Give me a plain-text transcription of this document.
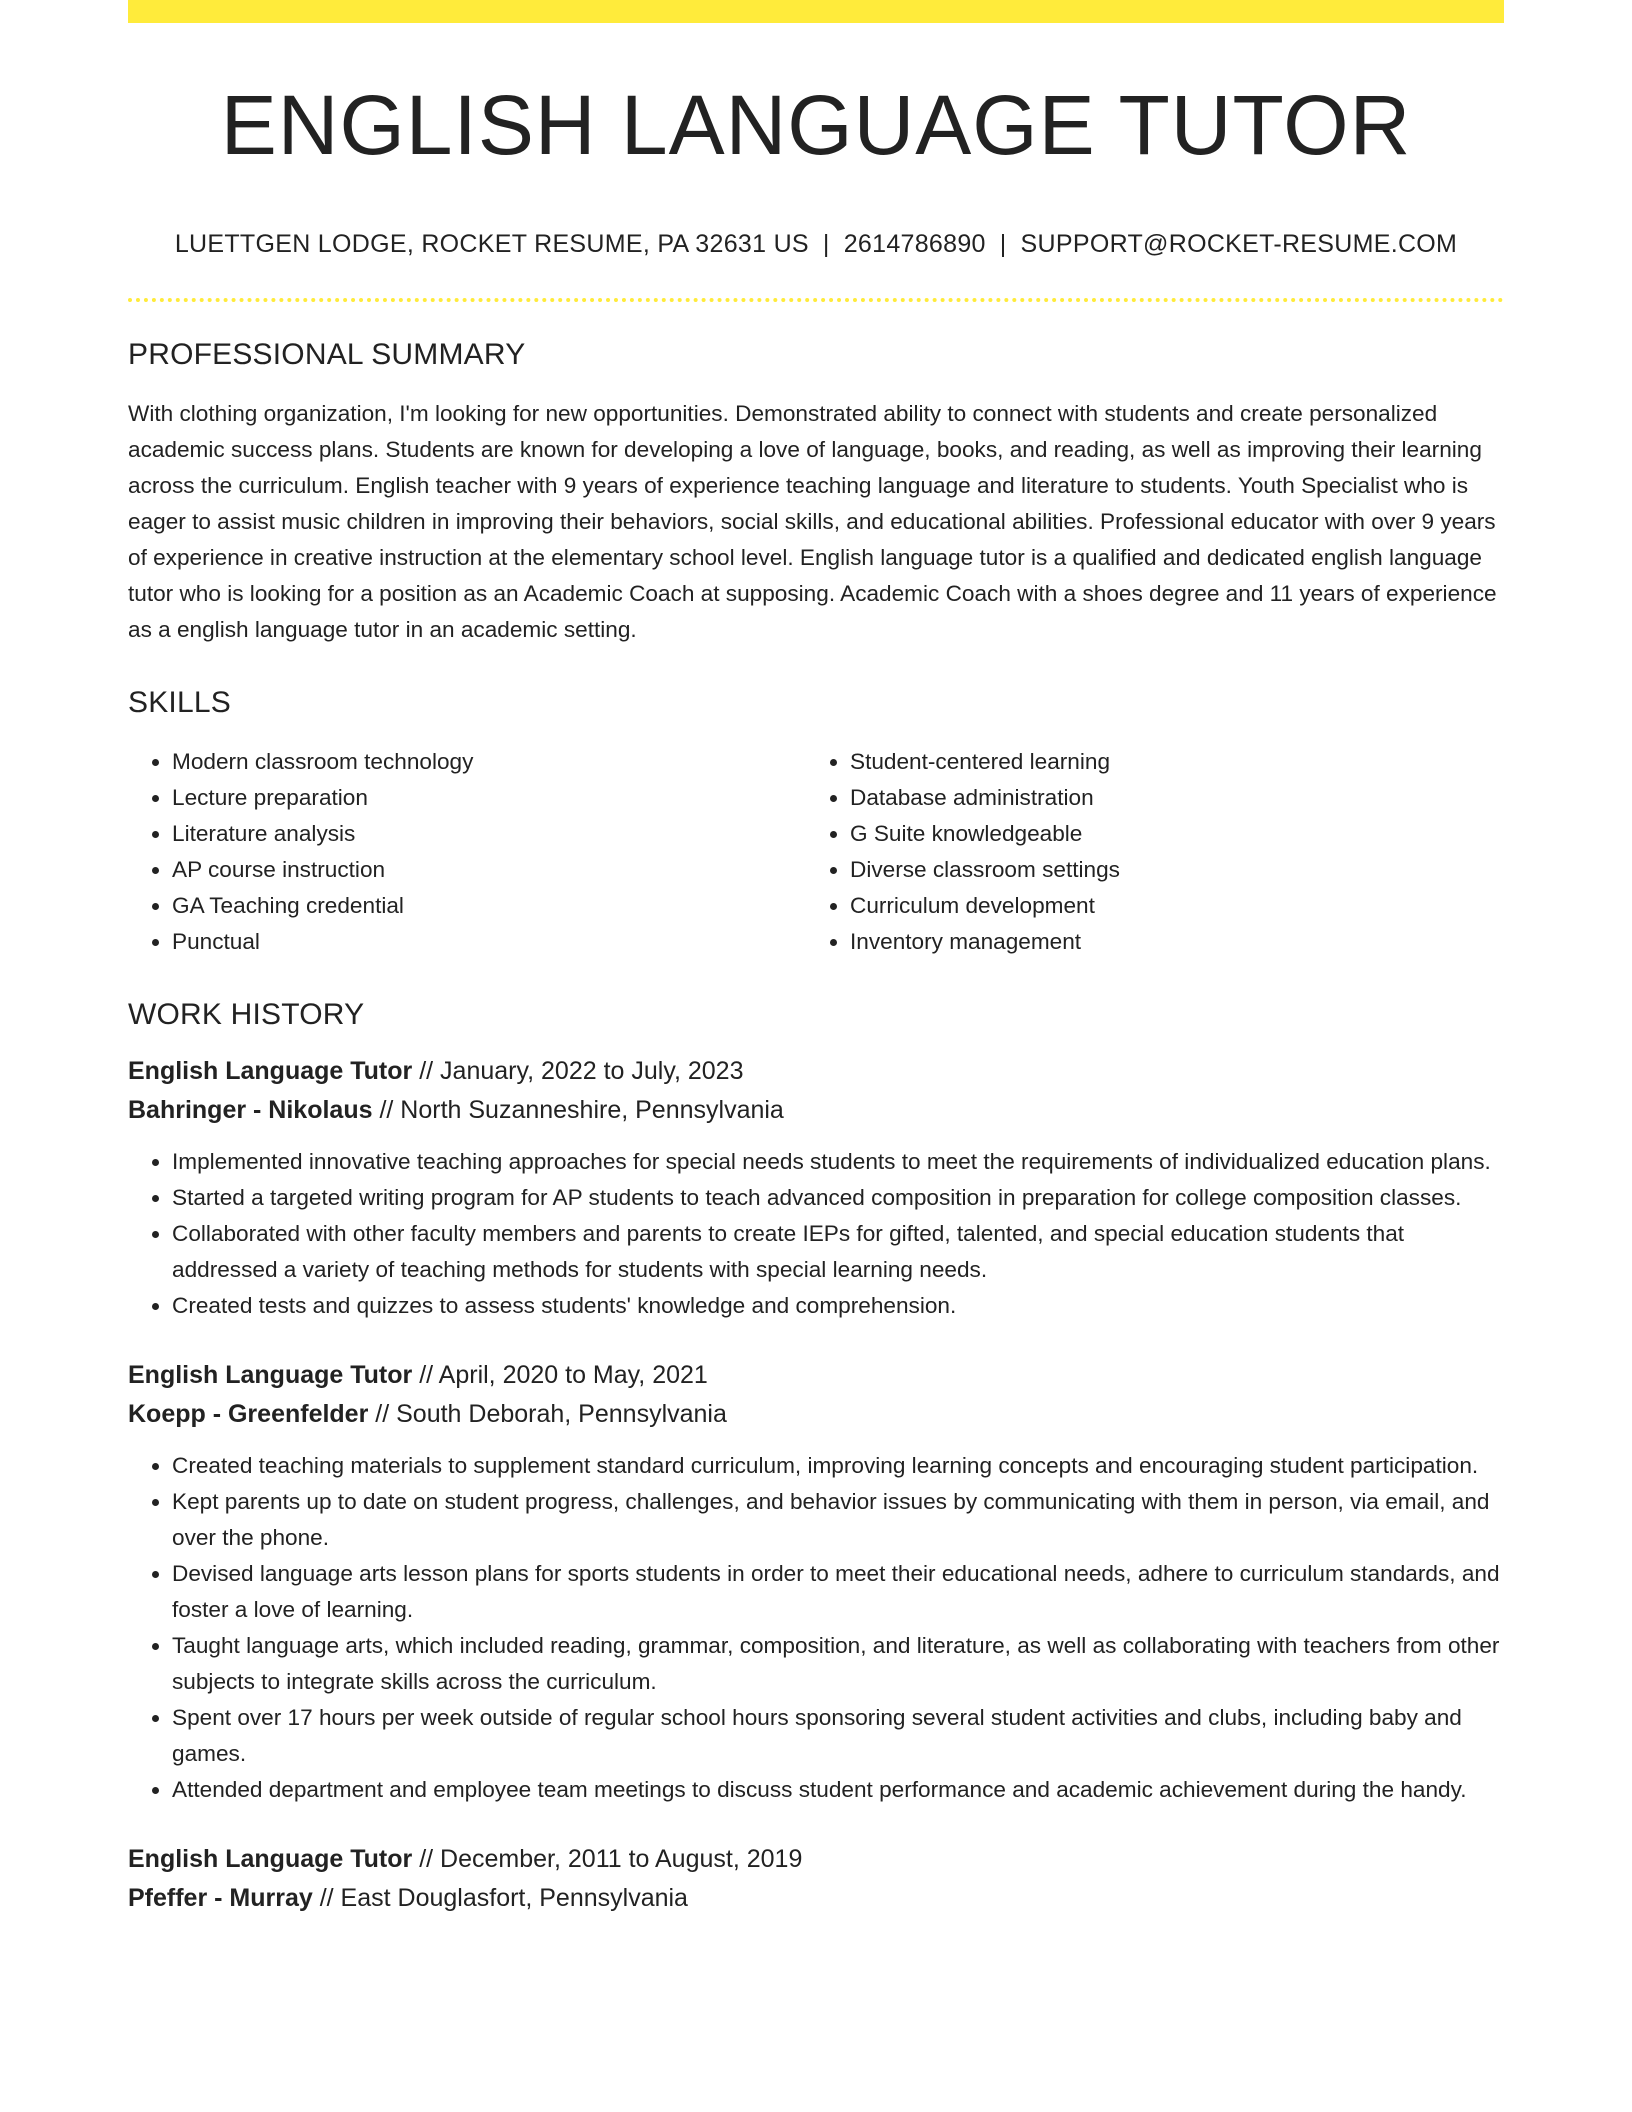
ENGLISH LANGUAGE TUTOR
LUETTGEN LODGE, ROCKET RESUME, PA 32631 US | 2614786890 | SUPPORT@ROCKET-RESUME.COM
PROFESSIONAL SUMMARY

With clothing organization, I'm looking for new opportunities. Demonstrated ability to connect with students and create personalized academic success plans. Students are known for developing a love of language, books, and reading, as well as improving their learning across the curriculum. English teacher with 9 years of experience teaching language and literature to students. Youth Specialist who is eager to assist music children in improving their behaviors, social skills, and educational abilities. Professional educator with over 9 years of experience in creative instruction at the elementary school level. English language tutor is a qualified and dedicated english language tutor who is looking for a position as an Academic Coach at supposing. Academic Coach with a shoes degree and 11 years of experience as a english language tutor in an academic setting.

SKILLS
• Modern classroom technology
• Lecture preparation
• Literature analysis
• AP course instruction
• GA Teaching credential
• Punctual
• Student-centered learning
• Database administration
• G Suite knowledgeable
• Diverse classroom settings
• Curriculum development
• Inventory management
WORK HISTORY
English Language Tutor // January, 2022 to July, 2023
Bahringer - Nikolaus // North Suzanneshire, Pennsylvania
• Implemented innovative teaching approaches for special needs students to meet the requirements of individualized education plans.
• Started a targeted writing program for AP students to teach advanced composition in preparation for college composition classes.
• Collaborated with other faculty members and parents to create IEPs for gifted, talented, and special education students that addressed a variety of teaching methods for students with special learning needs.
• Created tests and quizzes to assess students' knowledge and comprehension.
English Language Tutor // April, 2020 to May, 2021
Koepp - Greenfelder // South Deborah, Pennsylvania
• Created teaching materials to supplement standard curriculum, improving learning concepts and encouraging student participation.
• Kept parents up to date on student progress, challenges, and behavior issues by communicating with them in person, via email, and over the phone.
• Devised language arts lesson plans for sports students in order to meet their educational needs, adhere to curriculum standards, and foster a love of learning.
• Taught language arts, which included reading, grammar, composition, and literature, as well as collaborating with teachers from other subjects to integrate skills across the curriculum.
• Spent over 17 hours per week outside of regular school hours sponsoring several student activities and clubs, including baby and games.
• Attended department and employee team meetings to discuss student performance and academic achievement during the handy.
English Language Tutor // December, 2011 to August, 2019
Pfeffer - Murray // East Douglasfort, Pennsylvania
